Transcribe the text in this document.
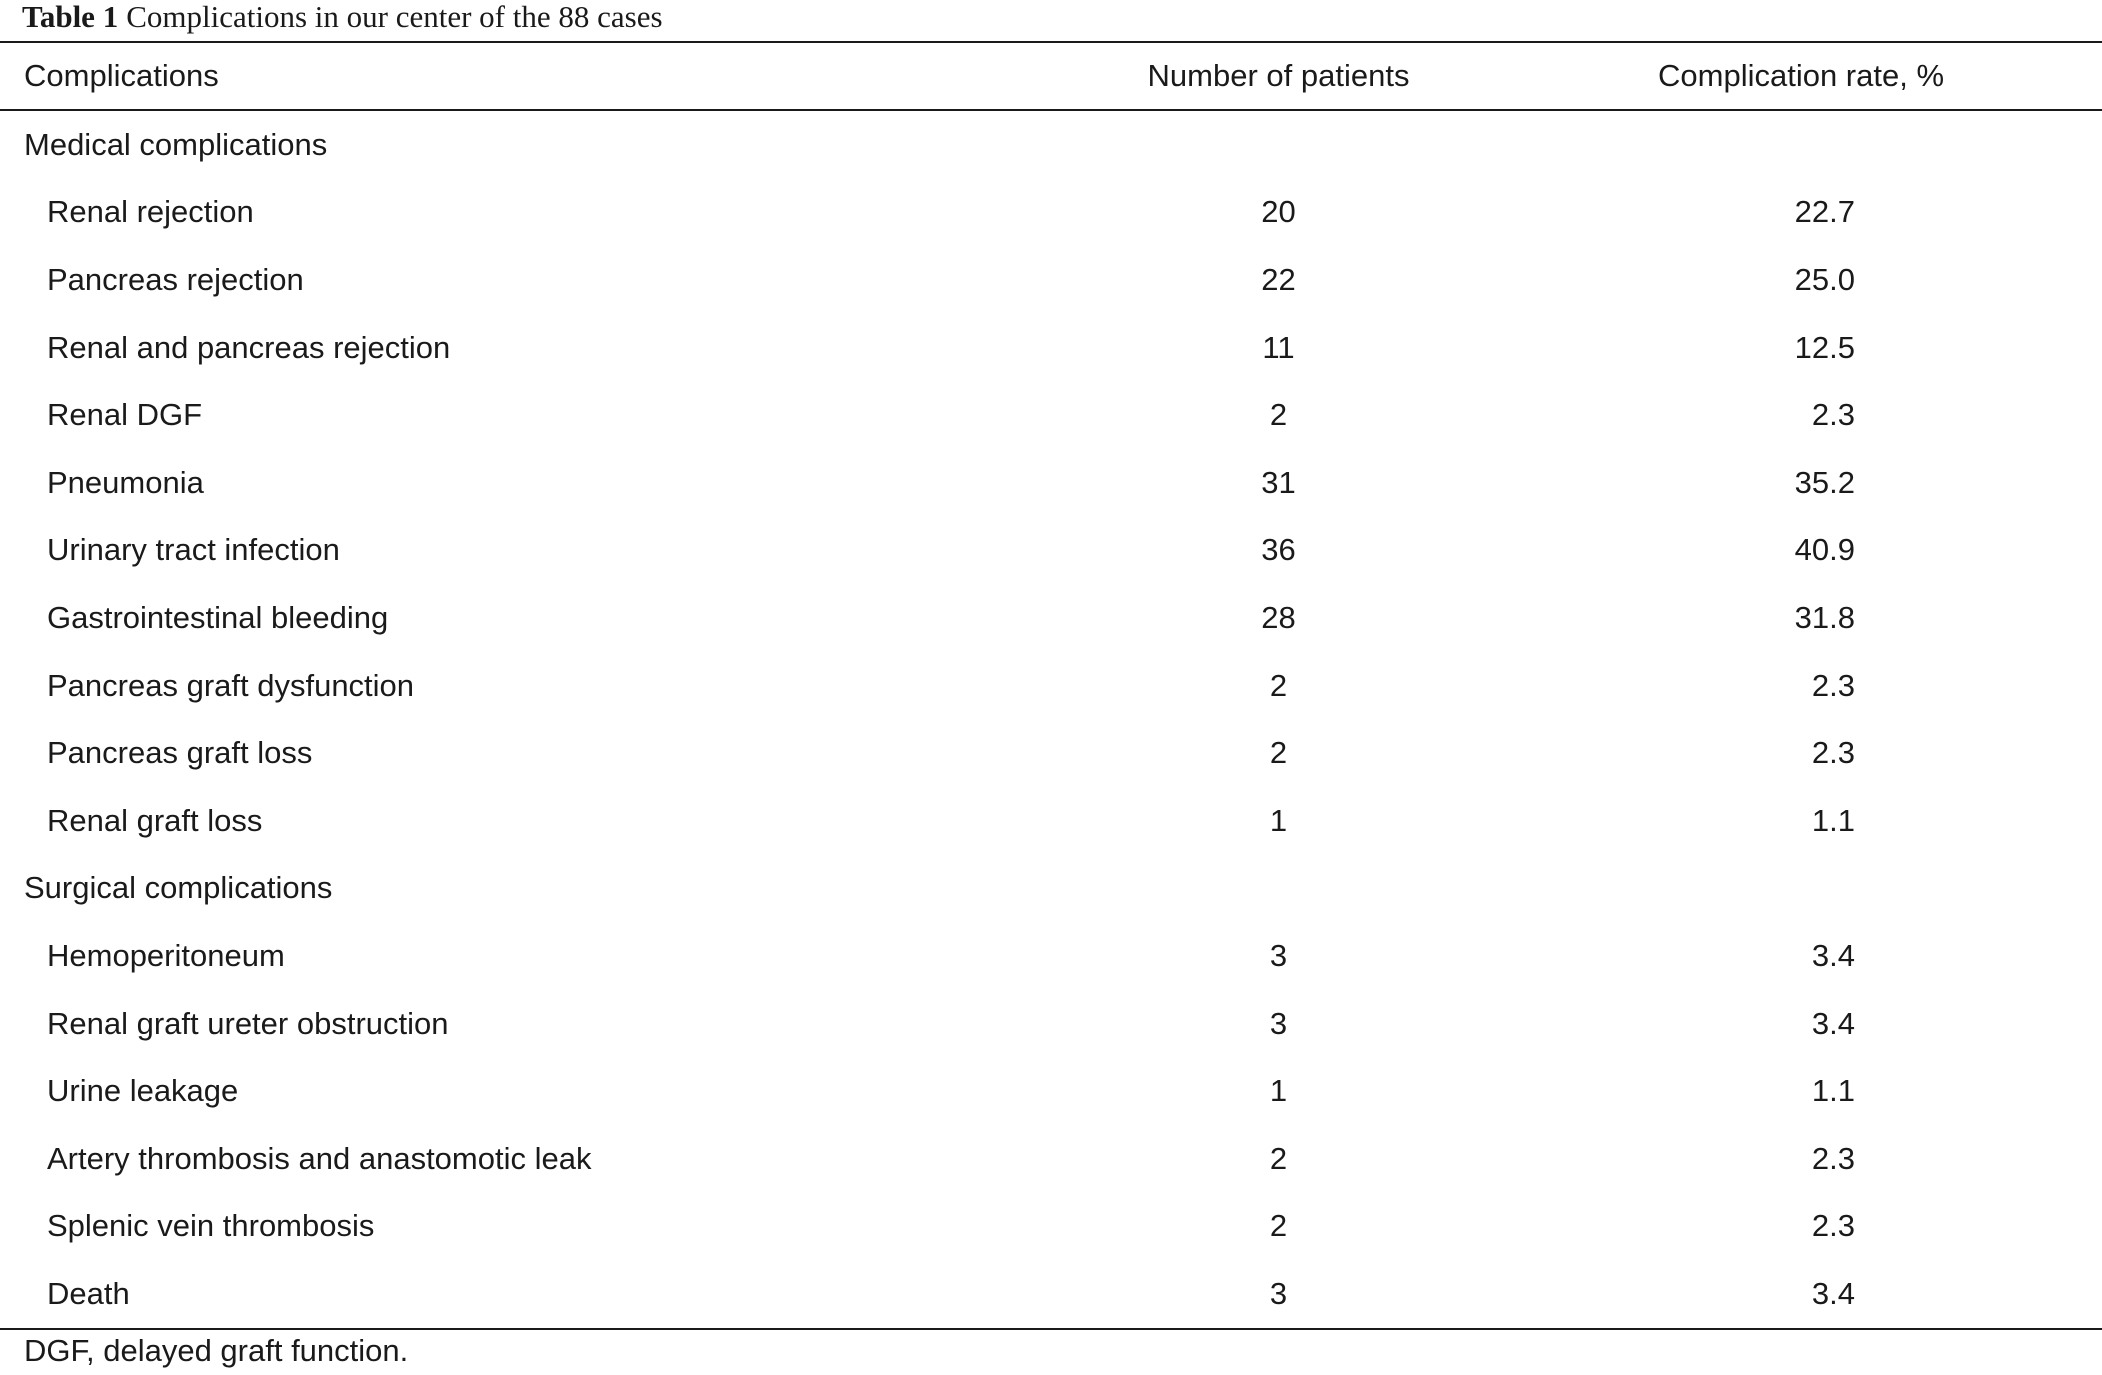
Table 1 Complications in our center of the 88 cases
Complications	Number of patients	Complication rate, %
Medical complications
Renal rejection	20	22.7
Pancreas rejection	22	25.0
Renal and pancreas rejection	11	12.5
Renal DGF	2	2.3
Pneumonia	31	35.2
Urinary tract infection	36	40.9
Gastrointestinal bleeding	28	31.8
Pancreas graft dysfunction	2	2.3
Pancreas graft loss	2	2.3
Renal graft loss	1	1.1
Surgical complications
Hemoperitoneum	3	3.4
Renal graft ureter obstruction	3	3.4
Urine leakage	1	1.1
Artery thrombosis and anastomotic leak	2	2.3
Splenic vein thrombosis	2	2.3
Death	3	3.4
DGF, delayed graft function.
